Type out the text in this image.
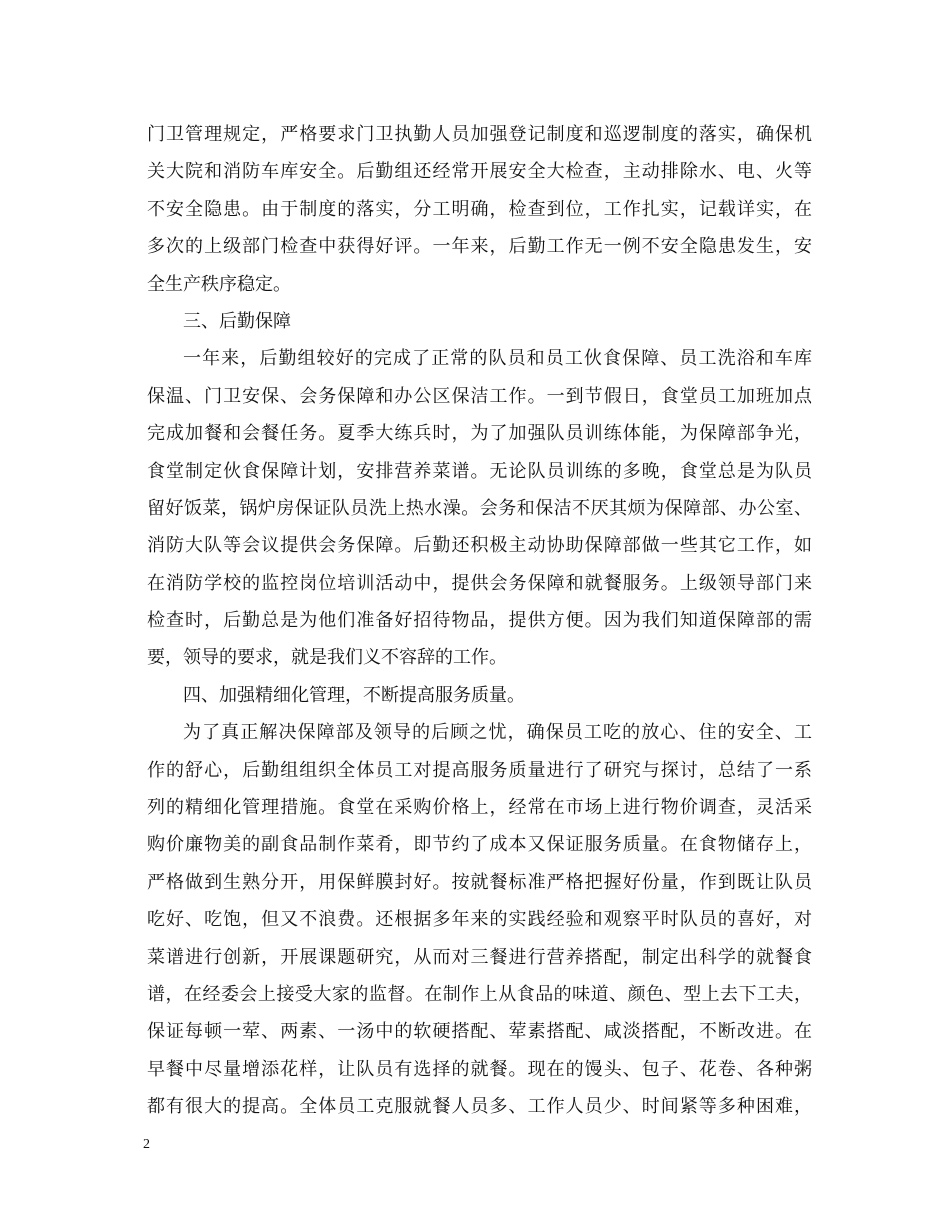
门卫管理规定，严格要求门卫执勤人员加强登记制度和巡逻制度的落实，确保机
关大院和消防车库安全。后勤组还经常开展安全大检查，主动排除水、电、火等
不安全隐患。由于制度的落实，分工明确，检查到位，工作扎实，记载详实，在
多次的上级部门检查中获得好评。一年来，后勤工作无一例不安全隐患发生，安
全生产秩序稳定。
三、后勤保障
一年来，后勤组较好的完成了正常的队员和员工伙食保障、员工洗浴和车库
保温、门卫安保、会务保障和办公区保洁工作。一到节假日，食堂员工加班加点
完成加餐和会餐任务。夏季大练兵时，为了加强队员训练体能，为保障部争光，
食堂制定伙食保障计划，安排营养菜谱。无论队员训练的多晚，食堂总是为队员
留好饭菜，锅炉房保证队员洗上热水澡。会务和保洁不厌其烦为保障部、办公室、
消防大队等会议提供会务保障。后勤还积极主动协助保障部做一些其它工作，如
在消防学校的监控岗位培训活动中，提供会务保障和就餐服务。上级领导部门来
检查时，后勤总是为他们准备好招待物品，提供方便。因为我们知道保障部的需
要，领导的要求，就是我们义不容辞的工作。
四、加强精细化管理，不断提高服务质量。
为了真正解决保障部及领导的后顾之忧，确保员工吃的放心、住的安全、工
作的舒心，后勤组组织全体员工对提高服务质量进行了研究与探讨，总结了一系
列的精细化管理措施。食堂在采购价格上，经常在市场上进行物价调查，灵活采
购价廉物美的副食品制作菜肴，即节约了成本又保证服务质量。在食物储存上，
严格做到生熟分开，用保鲜膜封好。按就餐标准严格把握好份量，作到既让队员
吃好、吃饱，但又不浪费。还根据多年来的实践经验和观察平时队员的喜好，对
菜谱进行创新，开展课题研究，从而对三餐进行营养搭配，制定出科学的就餐食
谱，在经委会上接受大家的监督。在制作上从食品的味道、颜色、型上去下工夫，
保证每顿一荤、两素、一汤中的软硬搭配、荤素搭配、咸淡搭配，不断改进。在
早餐中尽量增添花样，让队员有选择的就餐。现在的馒头、包子、花卷、各种粥
都有很大的提高。全体员工克服就餐人员多、工作人员少、时间紧等多种困难，
2
